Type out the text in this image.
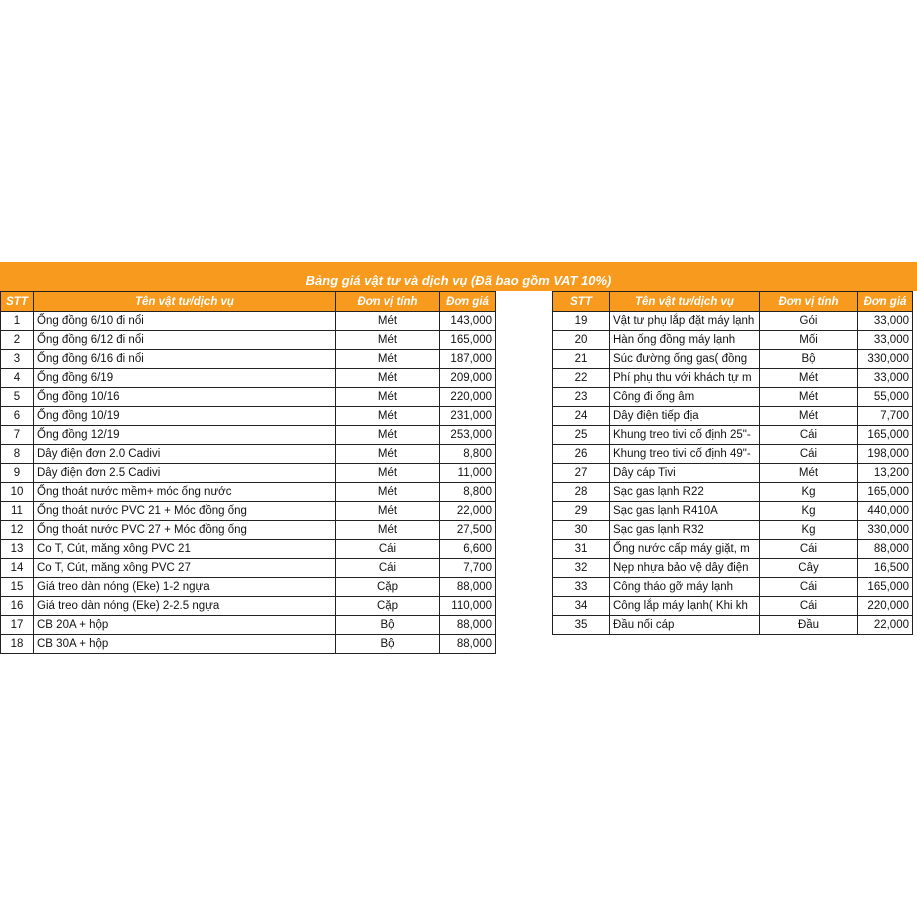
Bảng giá vật tư và dịch vụ (Đã bao gồm VAT 10%)
STT	Tên vật tư/dịch vụ	Đơn vị tính	Đơn giá
1	Ống đồng 6/10 đi nổi	Mét	143,000
2	Ống đồng 6/12 đi nổi	Mét	165,000
3	Ống đồng 6/16 đi nổi	Mét	187,000
4	Ống đồng 6/19	Mét	209,000
5	Ống đồng 10/16	Mét	220,000
6	Ống đồng 10/19	Mét	231,000
7	Ống đồng 12/19	Mét	253,000
8	Dây điện đơn 2.0 Cadivi	Mét	8,800
9	Dây điện đơn 2.5 Cadivi	Mét	11,000
10	Ống thoát nước mềm+ móc ống nước	Mét	8,800
11	Ống thoát nước PVC 21 + Móc đồng ống	Mét	22,000
12	Ống thoát nước PVC 27 + Móc đồng ống	Mét	27,500
13	Co T, Cút, măng xông PVC 21	Cái	6,600
14	Co T, Cút, măng xông PVC 27	Cái	7,700
15	Giá treo dàn nóng (Eke) 1-2 ngựa	Cặp	88,000
16	Giá treo dàn nóng (Eke) 2-2.5 ngựa	Cặp	110,000
17	CB 20A + hộp	Bộ	88,000
18	CB 30A + hộp	Bộ	88,000
STT	Tên vật tư/dịch vụ	Đơn vị tính	Đơn giá
19	Vật tư phụ lắp đặt máy lạnh	Gói	33,000
20	Hàn ống đồng máy lạnh	Mối	33,000
21	Súc đường ống gas( đồng	Bộ	330,000
22	Phí phụ thu với khách tự m	Mét	33,000
23	Công đi ống âm	Mét	55,000
24	Dây điện tiếp địa	Mét	7,700
25	Khung treo tivi cố định 25"-	Cái	165,000
26	Khung treo tivi cố định 49"-	Cái	198,000
27	Dây cáp Tivi	Mét	13,200
28	Sạc gas lạnh R22	Kg	165,000
29	Sạc gas lạnh R410A	Kg	440,000
30	Sạc gas lạnh R32	Kg	330,000
31	Ống nước cấp máy giặt, m	Cái	88,000
32	Nẹp nhựa bảo vệ dây điện	Cây	16,500
33	Công tháo gỡ máy lạnh	Cái	165,000
34	Công lắp máy lạnh( Khi kh	Cái	220,000
35	Đầu nối cáp	Đầu	22,000
